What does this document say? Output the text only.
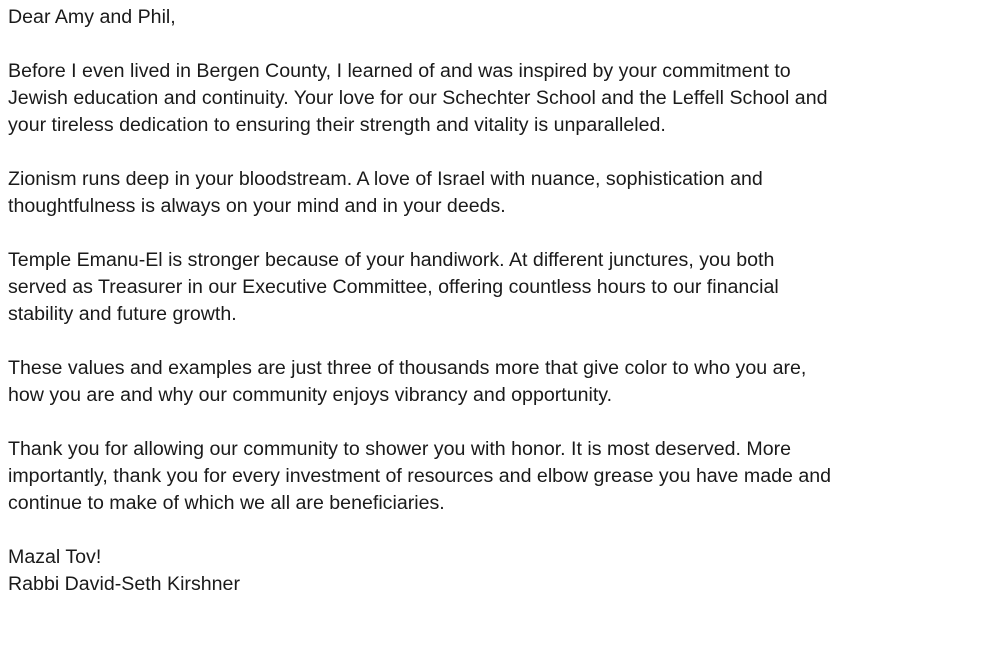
Dear Amy and Phil,
Before I even lived in Bergen County, I learned of and was inspired by your commitment to
Jewish education and continuity. Your love for our Schechter School and the Leffell School and
your tireless dedication to ensuring their strength and vitality is unparalleled.
Zionism runs deep in your bloodstream. A love of Israel with nuance, sophistication and
thoughtfulness is always on your mind and in your deeds.
Temple Emanu-El is stronger because of your handiwork. At different junctures, you both
served as Treasurer in our Executive Committee, offering countless hours to our financial
stability and future growth.
These values and examples are just three of thousands more that give color to who you are,
how you are and why our community enjoys vibrancy and opportunity.
Thank you for allowing our community to shower you with honor. It is most deserved. More
importantly, thank you for every investment of resources and elbow grease you have made and
continue to make of which we all are beneficiaries.
Mazal Tov!
Rabbi David-Seth Kirshner
